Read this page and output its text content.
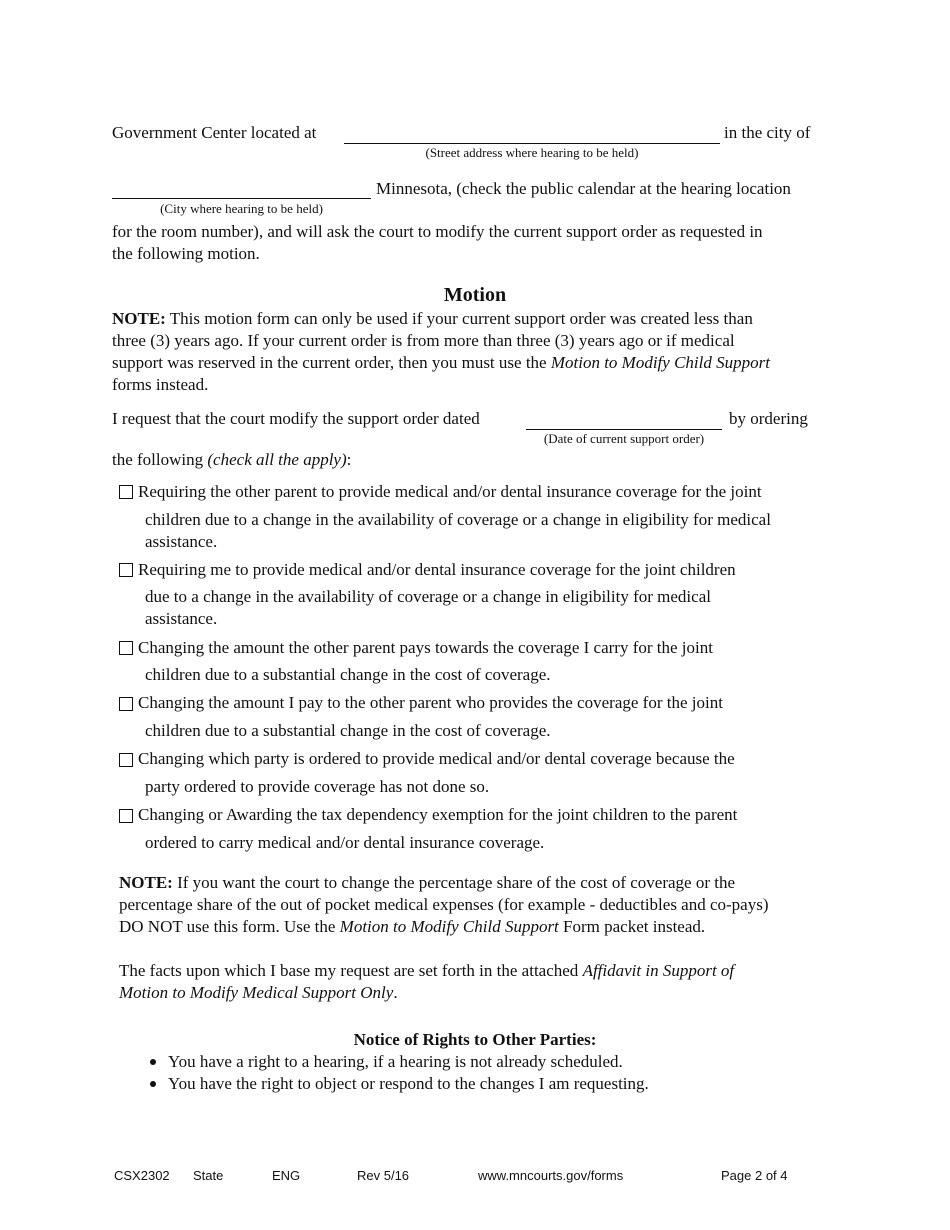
Government Center located at	in the city of
(Street address where hearing to be held)
Minnesota, (check the public calendar at the hearing location
(City where hearing to be held)
for the room number), and will ask the court to modify the current support order as requested in
the following motion.
Motion
NOTE: This motion form can only be used if your current support order was created less than
three (3) years ago. If your current order is from more than three (3) years ago or if medical
support was reserved in the current order, then you must use the Motion to Modify Child Support
forms instead.
I request that the court modify the support order dated	by ordering
(Date of current support order)
the following (check all the apply):
Requiring the other parent to provide medical and/or dental insurance coverage for the joint
children due to a change in the availability of coverage or a change in eligibility for medical
assistance.
Requiring me to provide medical and/or dental insurance coverage for the joint children
due to a change in the availability of coverage or a change in eligibility for medical
assistance.
Changing the amount the other parent pays towards the coverage I carry for the joint
children due to a substantial change in the cost of coverage.
Changing the amount I pay to the other parent who provides the coverage for the joint
children due to a substantial change in the cost of coverage.
Changing which party is ordered to provide medical and/or dental coverage because the
party ordered to provide coverage has not done so.
Changing or Awarding the tax dependency exemption for the joint children to the parent
ordered to carry medical and/or dental insurance coverage.
NOTE: If you want the court to change the percentage share of the cost of coverage or the
percentage share of the out of pocket medical expenses (for example - deductibles and co-pays)
DO NOT use this form. Use the Motion to Modify Child Support Form packet instead.
The facts upon which I base my request are set forth in the attached Affidavit in Support of
Motion to Modify Medical Support Only.
Notice of Rights to Other Parties:
You have a right to a hearing, if a hearing is not already scheduled.
You have the right to object or respond to the changes I am requesting.
CSX2302 State	ENG	Rev 5/16	www.mncourts.gov/forms	Page 2 of 4
